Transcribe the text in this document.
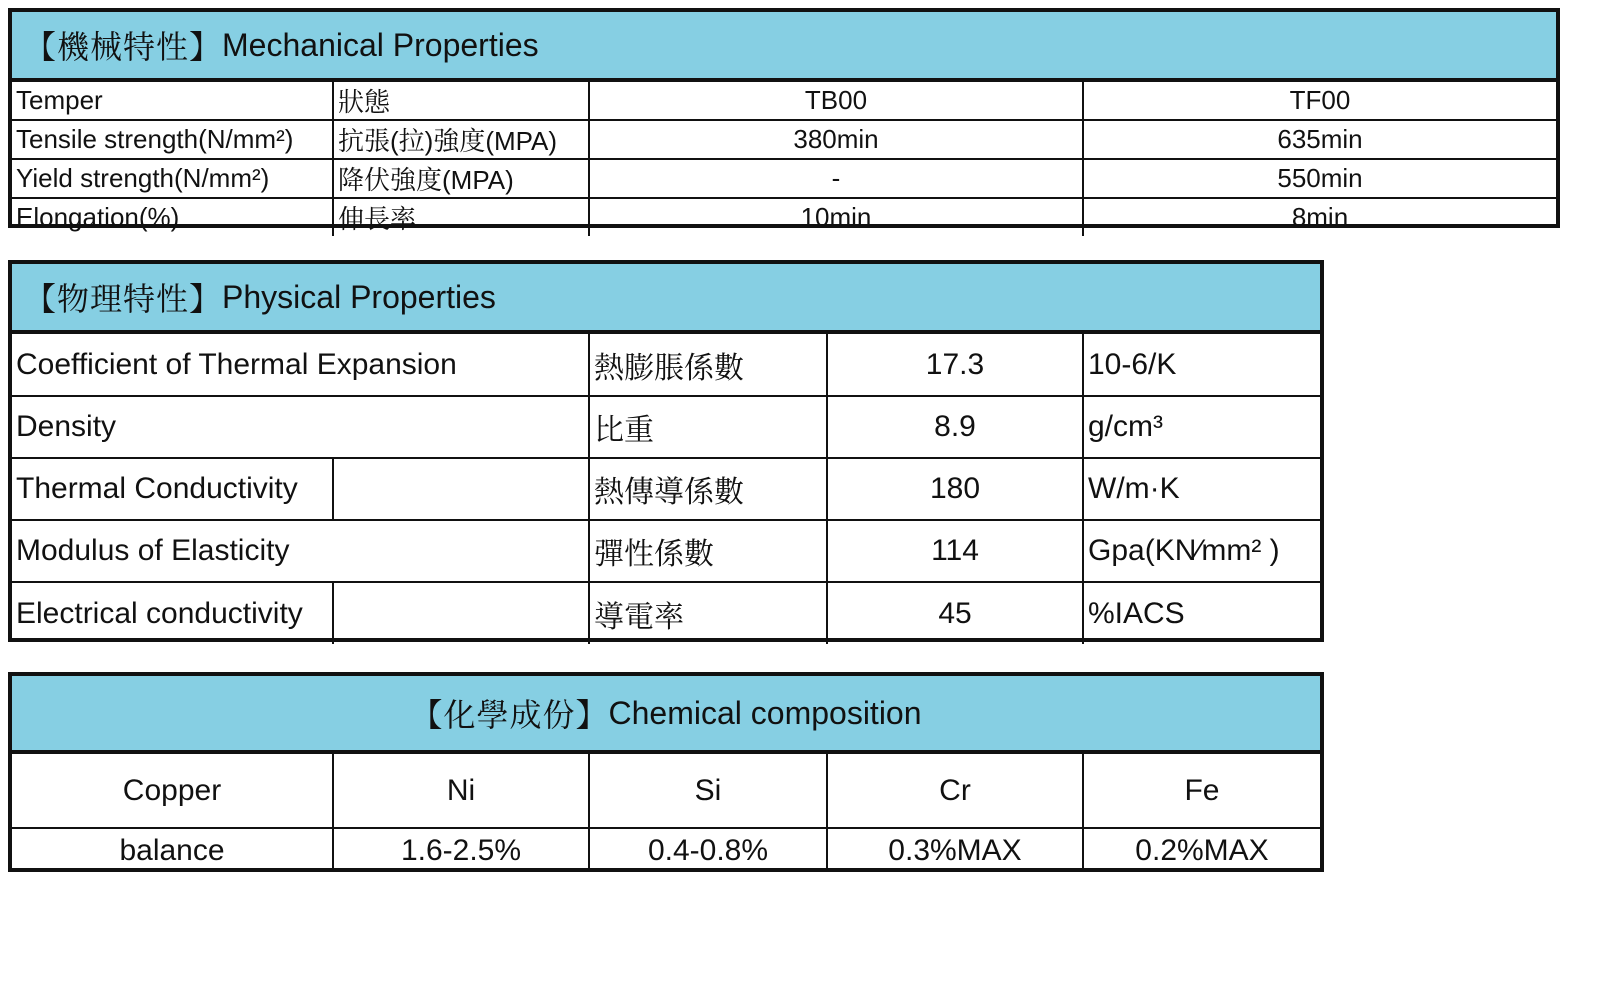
【機械特性】 Mechanical Properties
Temper	狀態	TB00	TF00
Tensile strength(N/mm²)	抗張(拉)強度(MPA)	380min	635min
Yield strength(N/mm²)	降伏強度(MPA)	-	550min
Elongation(%)	伸長率	10min	8min
【物理特性】 Physical Properties
Coefficient of Thermal Expansion		熱膨脹係數	17.3	10-6/K
Density		比重	8.9	g/cm³
Thermal Conductivity		熱傳導係數	180	W/m·K
Modulus of Elasticity		彈性係數	114	Gpa(KN⁄mm² )
Electrical conductivity		導電率	45	%IACS
【化學成份】 Chemical composition
Copper	Ni	Si	Cr	Fe
balance	1.6-2.5%	0.4-0.8%	0.3%MAX	0.2%MAX
